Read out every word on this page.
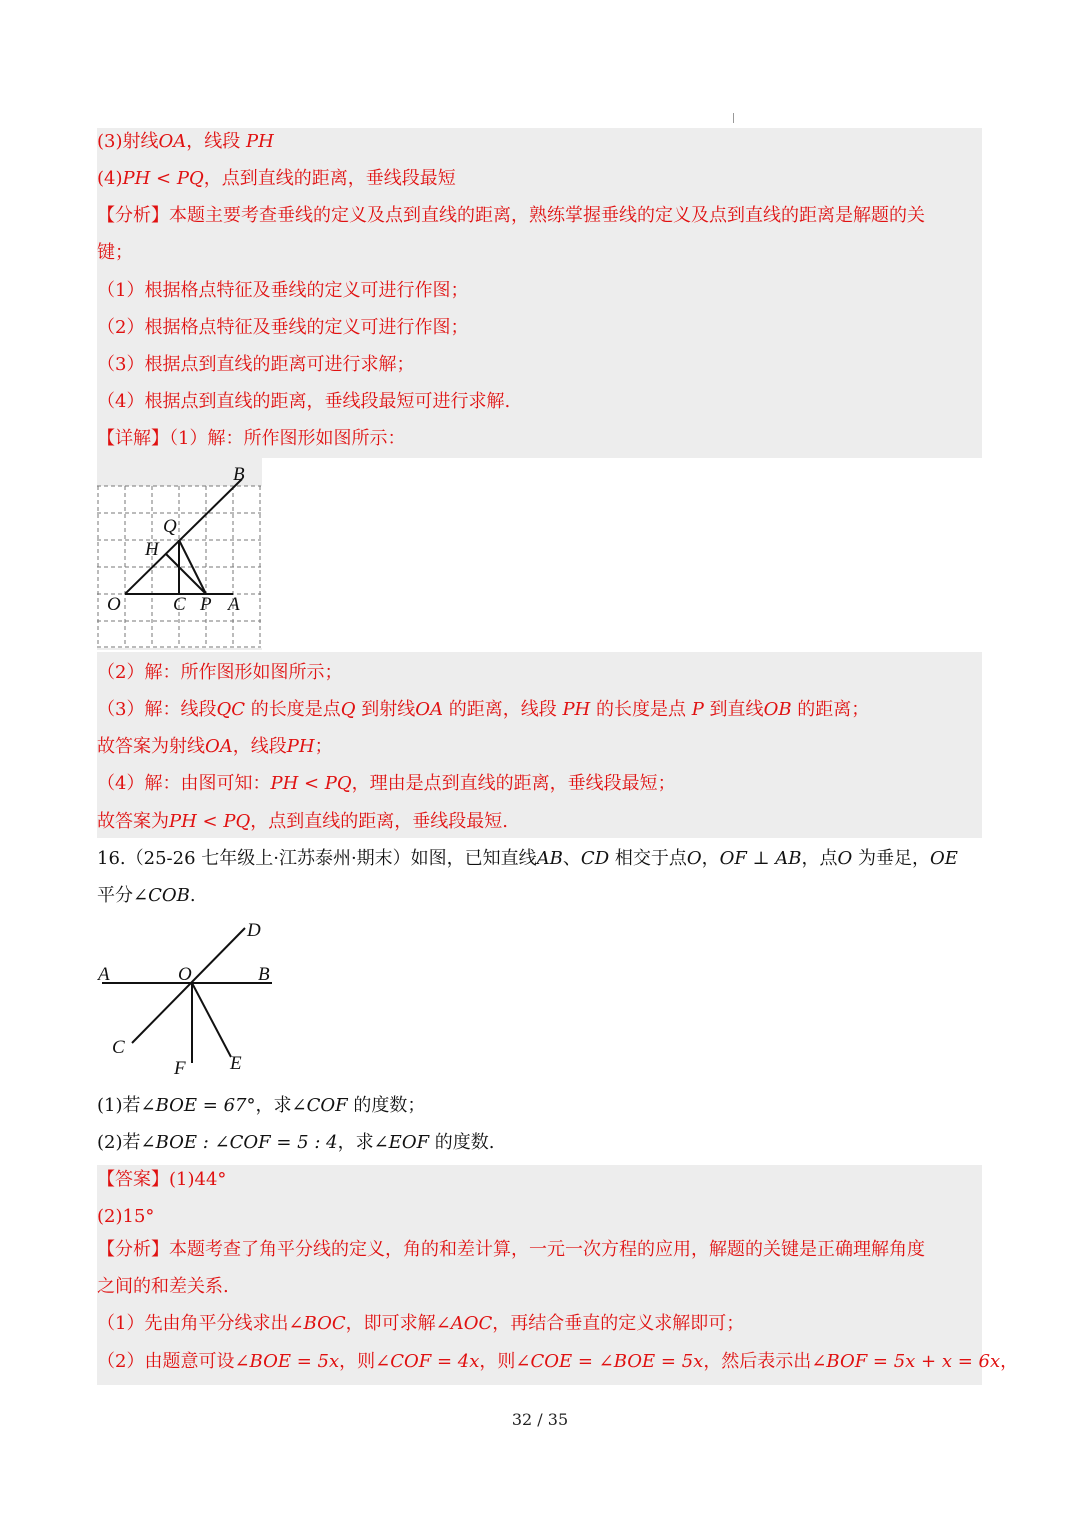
(3)射线OA，线段 PH
(4)PH < PQ，点到直线的距离，垂线段最短
【分析】本题主要考查垂线的定义及点到直线的距离，熟练掌握垂线的定义及点到直线的距离是解题的关
键；
（1）根据格点特征及垂线的定义可进行作图；
（2）根据格点特征及垂线的定义可进行作图；
（3）根据点到直线的距离可进行求解；
（4）根据点到直线的距离，垂线段最短可进行求解.
【详解】（1）解：所作图形如图所示：
B
Q
H
O	C P A
（2）解：所作图形如图所示；
（3）解：线段QC 的长度是点Q 到射线OA 的距离，线段 PH 的长度是点 P 到直线OB 的距离；
故答案为射线OA，线段PH；
（4）解：由图可知：PH < PQ，理由是点到直线的距离，垂线段最短；
故答案为PH < PQ，点到直线的距离，垂线段最短.
16.（25-26 七年级上·江苏泰州·期末）如图，已知直线AB、CD 相交于点O，OF ⊥ AB，点O 为垂足，OE
平分∠COB.
D
A	O	B
C
F E
(1)若∠BOE = 67°，求∠COF 的度数；
(2)若∠BOE : ∠COF = 5 : 4，求∠EOF 的度数.
【答案】(1)44°
(2)15°
【分析】本题考查了角平分线的定义，角的和差计算，一元一次方程的应用，解题的关键是正确理解角度
之间的和差关系.
（1）先由角平分线求出∠BOC，即可求解∠AOC，再结合垂直的定义求解即可；
（2）由题意可设∠BOE = 5x，则∠COF = 4x，则∠COE = ∠BOE = 5x，然后表示出∠BOF = 5x + x = 6x，
32 / 35
